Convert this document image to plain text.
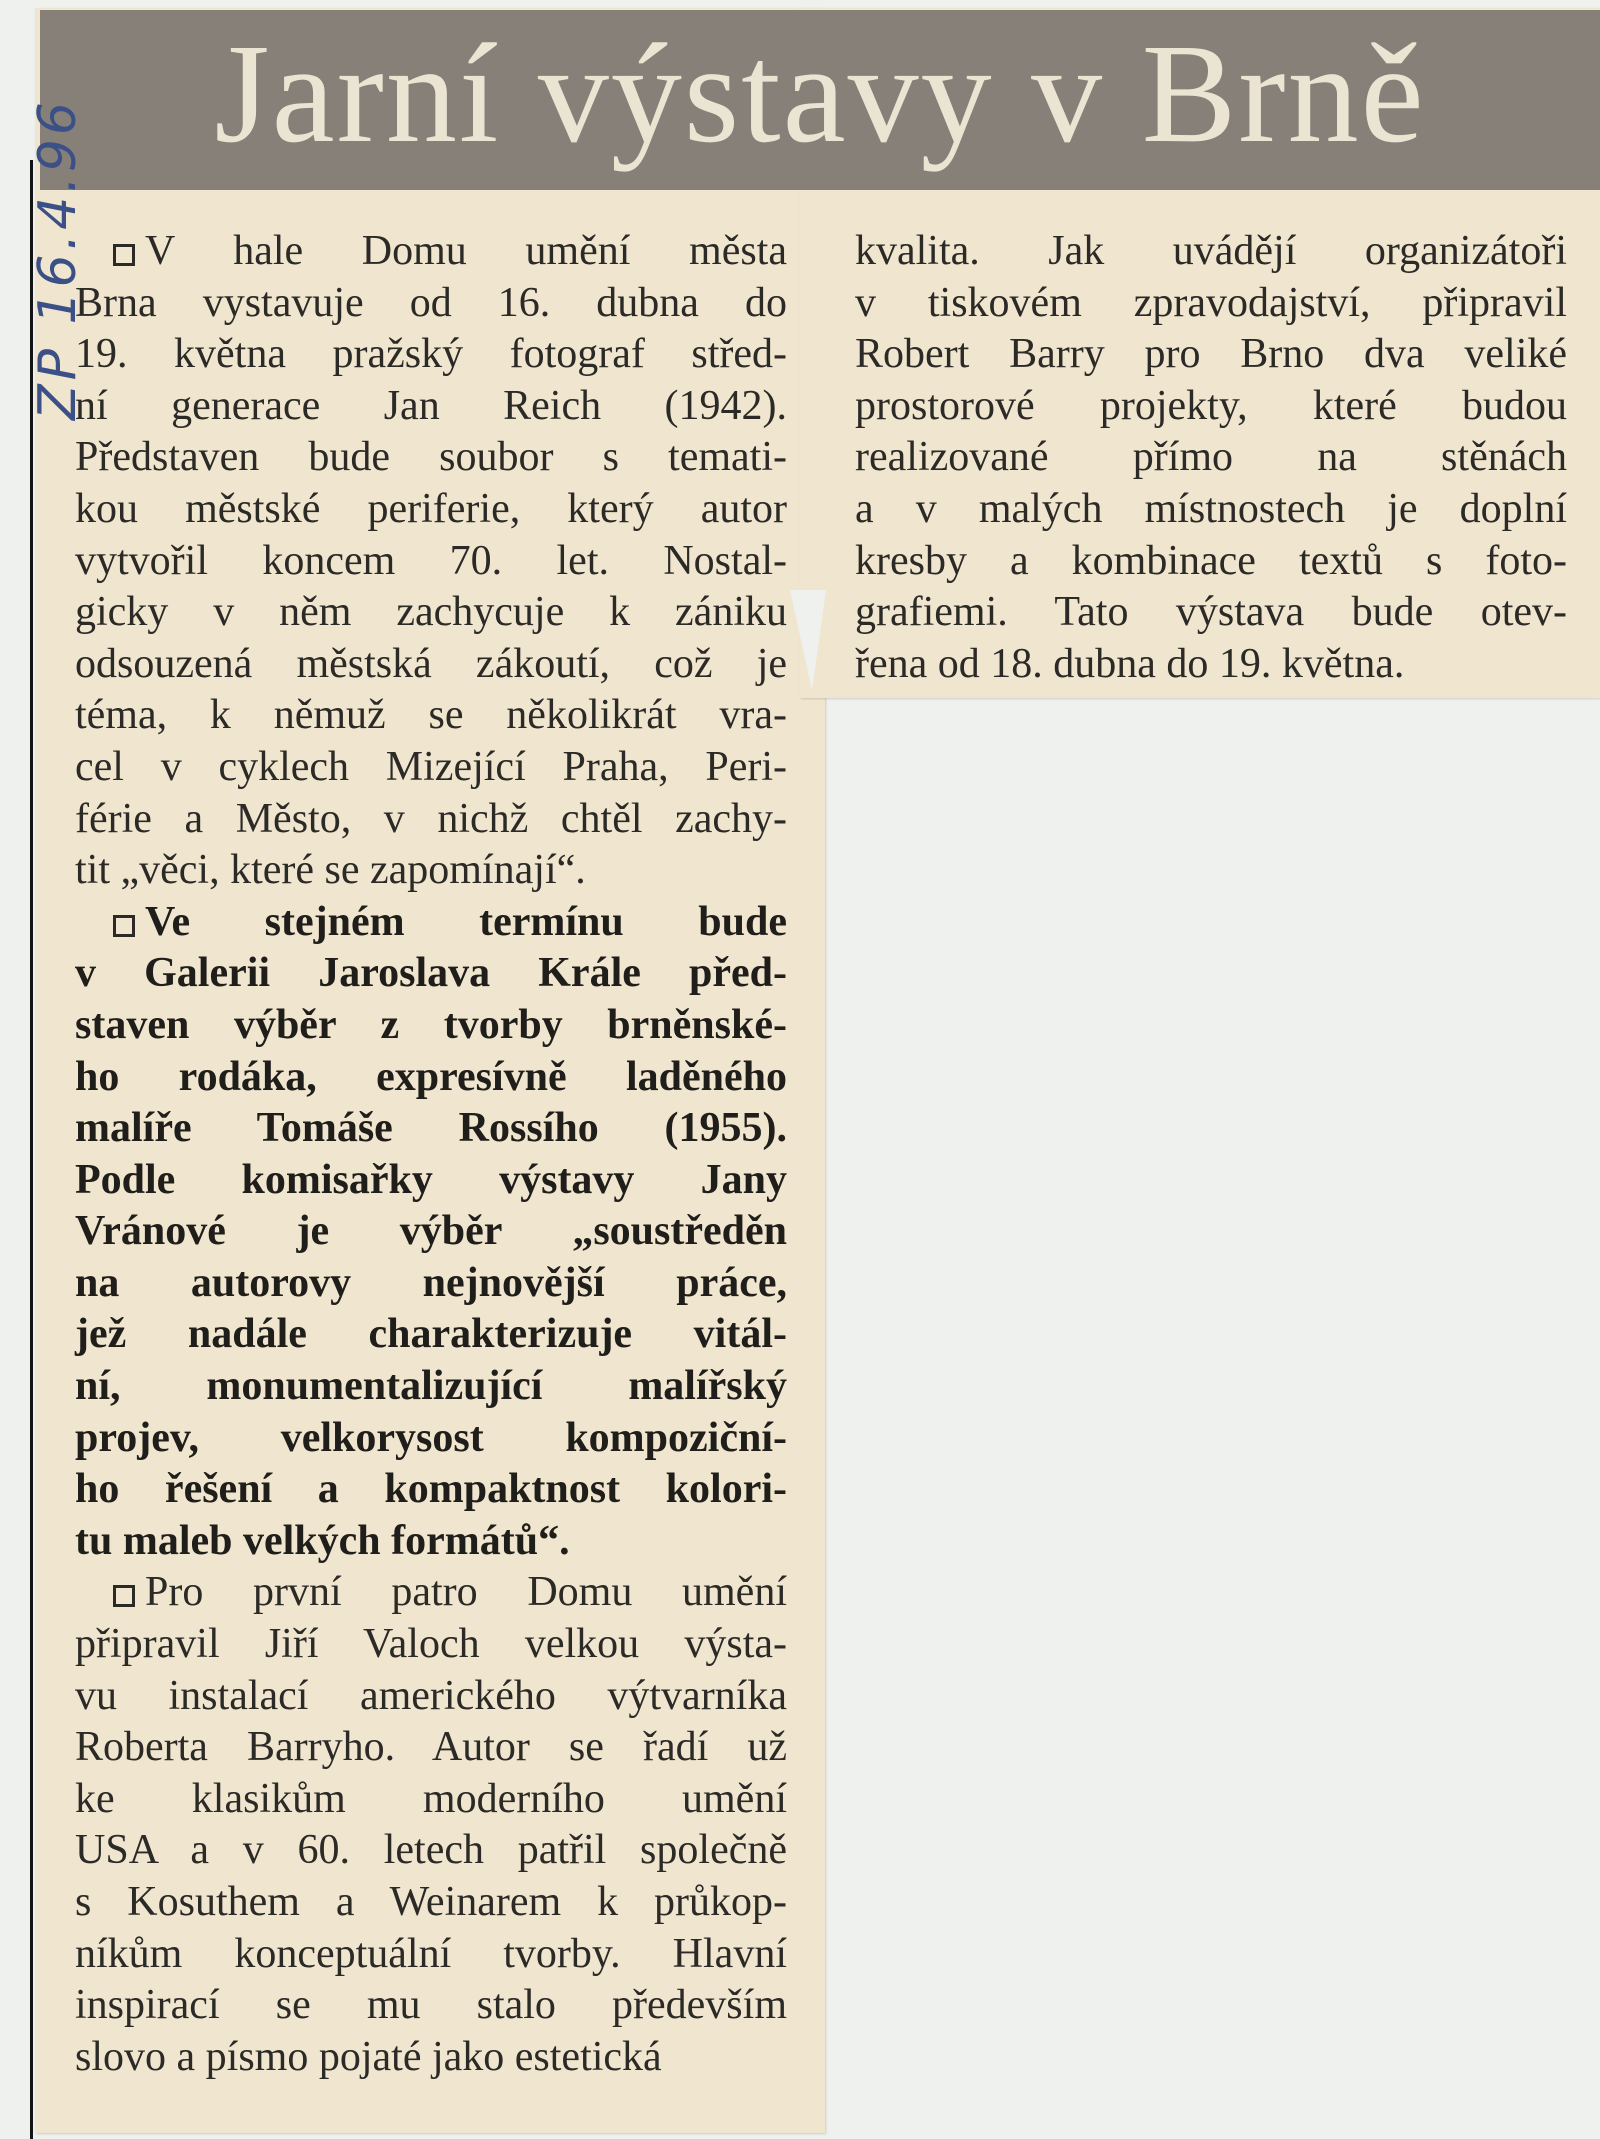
Jarní výstavy v Brně
ZP 16.4.96	V hale Domu umění města
Brna vystavuje od 16. dubna do
19. května pražský fotograf střed-
ní generace Jan Reich (1942).
Představen bude soubor s temati-
kou městské periferie, který autor
vytvořil koncem 70. let. Nostal-
gicky v něm zachycuje k zániku
odsouzená městská zákoutí, což je
téma, k němuž se několikrát vra-
cel v cyklech Mizející Praha, Peri-
férie a Město, v nichž chtěl zachy-
tit „věci, které se zapomínají“.
Ve stejném termínu bude
v Galerii Jaroslava Krále před-
staven výběr z tvorby brněnské-
ho rodáka, expresívně laděného
malíře Tomáše Rossího (1955).
Podle komisařky výstavy Jany
Vránové je výběr „soustředěn
na autorovy nejnovější práce,
jež nadále charakterizuje vitál-
ní, monumentalizující malířský
projev, velkorysost kompoziční-
ho řešení a kompaktnost kolori-
tu maleb velkých formátů“.
Pro první patro Domu umění
připravil Jiří Valoch velkou výsta-
vu instalací amerického výtvarníka
Roberta Barryho. Autor se řadí už
ke klasikům moderního umění
USA a v 60. letech patřil společně
s Kosuthem a Weinarem k průkop-
níkům konceptuální tvorby. Hlavní
inspirací se mu stalo především
slovo a písmo pojaté jako estetická
kvalita. Jak uvádějí organizátoři
v tiskovém zpravodajství, připravil
Robert Barry pro Brno dva veliké
prostorové projekty, které budou
realizované přímo na stěnách
a v malých místnostech je doplní
kresby a kombinace textů s foto-
grafiemi. Tato výstava bude otev-
řena od 18. dubna do 19. května.
